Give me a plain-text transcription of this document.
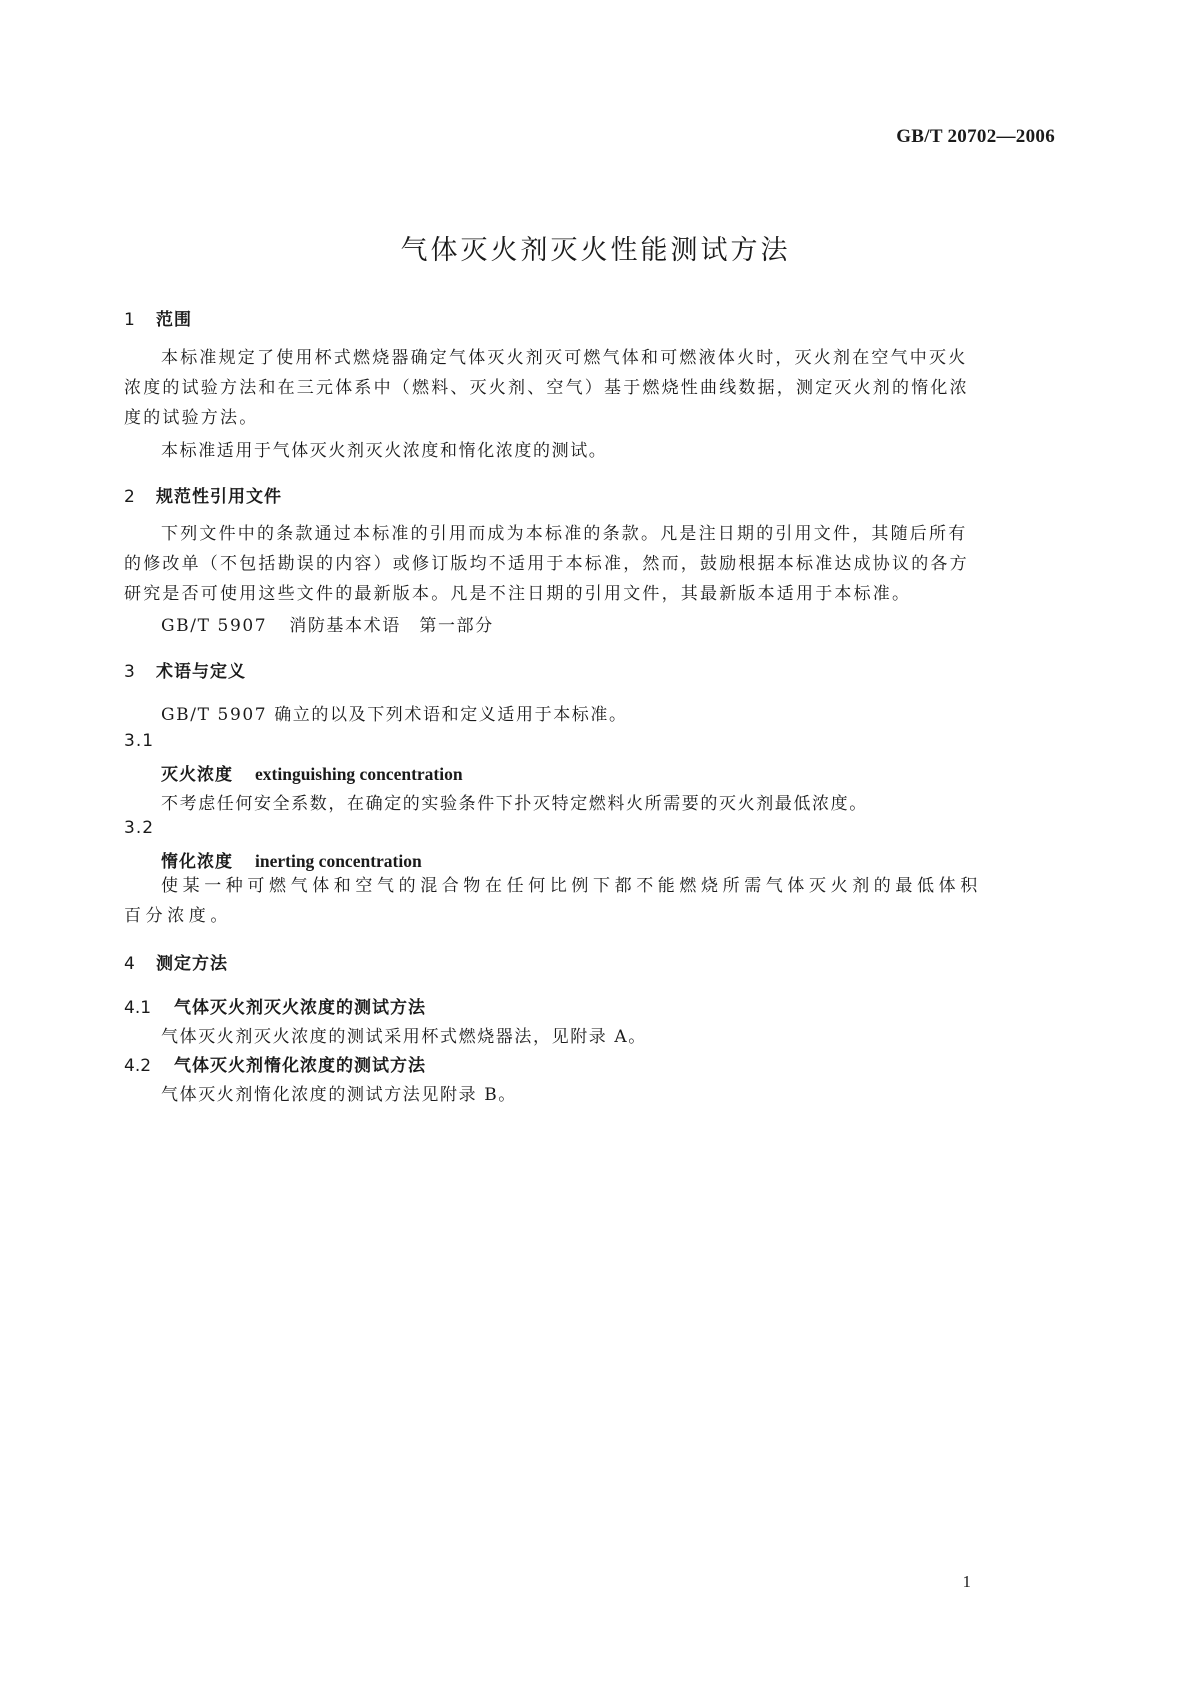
GB/T 20702—2006
气体灭火剂灭火性能测试方法
1 范围
本标准规定了使用杯式燃烧器确定气体灭火剂灭可燃气体和可燃液体火时，灭火剂在空气中灭火浓度的试验方法和在三元体系中（燃料、灭火剂、空气）基于燃烧性曲线数据，测定灭火剂的惰化浓度的试验方法。
本标准适用于气体灭火剂灭火浓度和惰化浓度的测试。
2 规范性引用文件
下列文件中的条款通过本标准的引用而成为本标准的条款。凡是注日期的引用文件，其随后所有的修改单（不包括勘误的内容）或修订版均不适用于本标准，然而，鼓励根据本标准达成协议的各方研究是否可使用这些文件的最新版本。凡是不注日期的引用文件，其最新版本适用于本标准。
GB/T 5907 消防基本术语　第一部分
3 术语与定义
GB/T 5907 确立的以及下列术语和定义适用于本标准。
3.1
灭火浓度 extinguishing concentration
不考虑任何安全系数，在确定的实验条件下扑灭特定燃料火所需要的灭火剂最低浓度。
3.2
惰化浓度 inerting concentration
使某一种可燃气体和空气的混合物在任何比例下都不能燃烧所需气体灭火剂的最低体积百分浓度。
4 测定方法
4.1 气体灭火剂灭火浓度的测试方法
气体灭火剂灭火浓度的测试采用杯式燃烧器法，见附录 A。
4.2 气体灭火剂惰化浓度的测试方法
气体灭火剂惰化浓度的测试方法见附录 B。
1
